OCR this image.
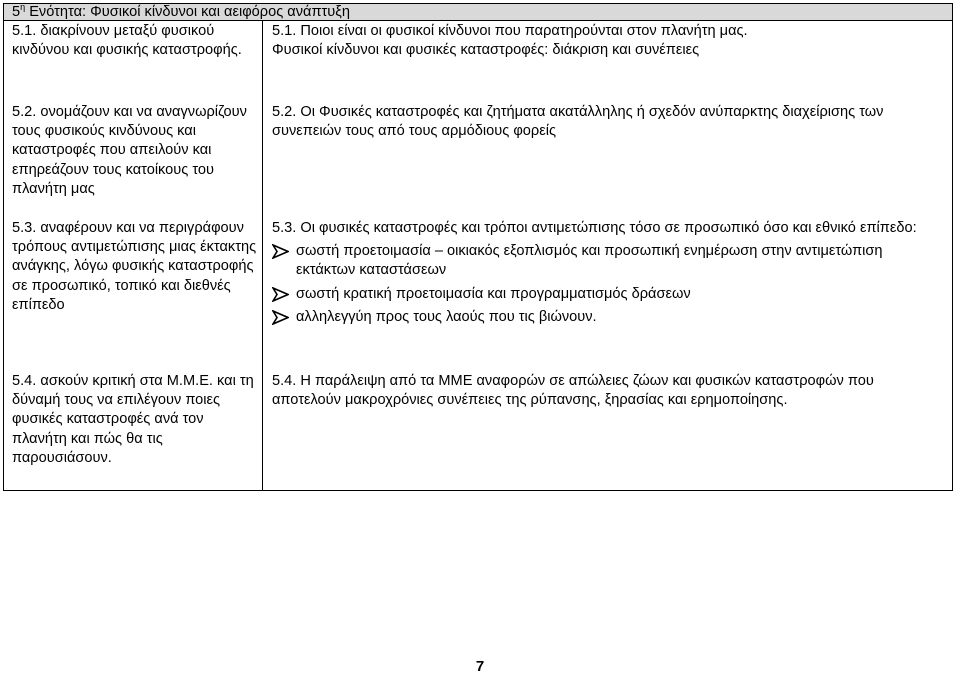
$5^\eta$ Ενότητα: Φυσικοί κίνδυνοι και αειφόρος ανάπτυξη
5.1. διακρίνουν μεταξύ φυσικού κινδύνου και φυσικής καταστροφής.

5.1. Ποιοι είναι οι φυσικοί κίνδυνοι που παρατηρούνται στον πλανήτη μας.

Φυσικοί κίνδυνοι και φυσικές καταστροφές: διάκριση και συνέπειες

5.2. ονομάζουν και να αναγνωρίζουν τους φυσικούς κινδύνους και καταστροφές που απειλούν και επηρεάζουν τους κατοίκους του πλανήτη μας

5.2. Οι Φυσικές καταστροφές και ζητήματα ακατάλληλης ή σχεδόν ανύπαρκτης διαχείρισης των συνεπειών τους από τους αρμόδιους φορείς

5.3. αναφέρουν και να περιγράφουν τρόπους αντιμετώπισης μιας έκτακτης ανάγκης, λόγω φυσικής καταστροφής σε προσωπικό, τοπικό και διεθνές επίπεδο

5.3. Οι φυσικές καταστροφές και τρόποι αντιμετώπισης τόσο σε προσωπικό όσο και εθνικό επίπεδο:

σωστή προετοιμασία – οικιακός εξοπλισμός και προσωπική ενημέρωση στην αντιμετώπιση εκτάκτων καταστάσεων
σωστή κρατική προετοιμασία και προγραμματισμός δράσεων
αλληλεγγύη προς τους λαούς που τις βιώνουν.
5.4. ασκούν κριτική στα Μ.Μ.Ε. και τη δύναμή τους να επιλέγουν ποιες φυσικές καταστροφές ανά τον πλανήτη και πώς θα τις παρουσιάσουν.

5.4. Η παράλειψη από τα ΜΜΕ αναφορών σε απώλειες ζώων και φυσικών καταστροφών που αποτελούν μακροχρόνιες συνέπειες της ρύπανσης, ξηρασίας και ερημοποίησης.

7
